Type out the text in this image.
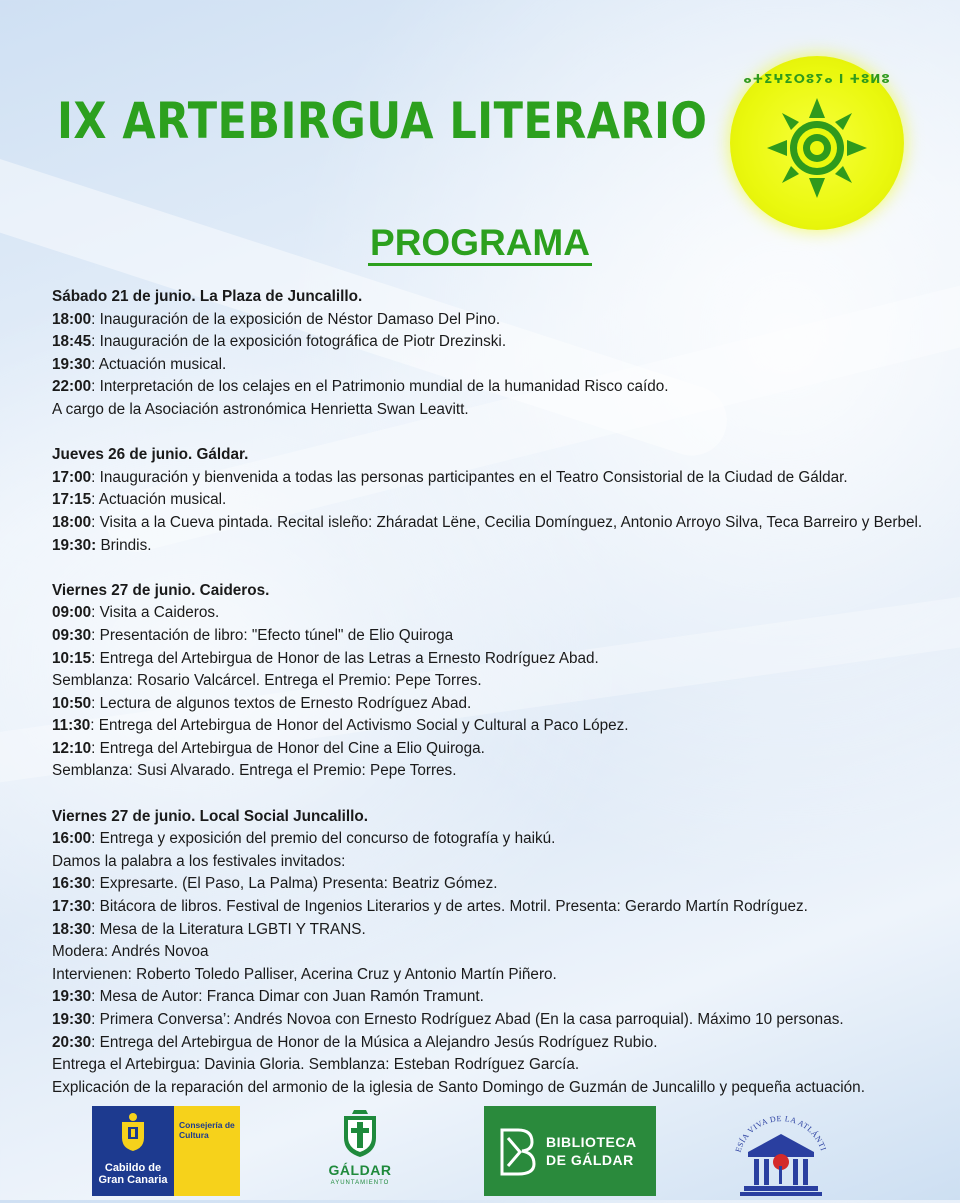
IX ARTEBIRGUA LITERARIO
ⴰⵜⵉⵖⵉⵔⵓⵢⴰ ⵏ ⵜⵓⵍⵓ
PROGRAMA
Sábado 21 de junio. La Plaza de Juncalillo.
18:00: Inauguración de la exposición de Néstor Damaso Del Pino.
18:45: Inauguración de la exposición fotográfica de Piotr Drezinski.
19:30: Actuación musical.
22:00: Interpretación de los celajes en el Patrimonio mundial de la humanidad Risco caído.
A cargo de la Asociación astronómica Henrietta Swan Leavitt.
Jueves 26 de junio. Gáldar.
17:00: Inauguración y bienvenida a todas las personas participantes en el Teatro Consistorial de la Ciudad de Gáldar.
17:15: Actuación musical.
18:00: Visita a la Cueva pintada. Recital isleño: Zháradat Lëne, Cecilia Domínguez, Antonio Arroyo Silva, Teca Barreiro y Berbel.
19:30: Brindis.
Viernes 27 de junio. Caideros.
09:00: Visita a Caideros.
09:30: Presentación de libro: "Efecto túnel" de Elio Quiroga
10:15: Entrega del Artebirgua de Honor de las Letras a Ernesto Rodríguez Abad.
Semblanza: Rosario Valcárcel. Entrega el Premio: Pepe Torres.
10:50: Lectura de algunos textos de Ernesto Rodríguez Abad.
11:30: Entrega del Artebirgua de Honor del Activismo Social y Cultural a Paco López.
12:10: Entrega del Artebirgua de Honor del Cine a Elio Quiroga.
Semblanza: Susi Alvarado. Entrega el Premio: Pepe Torres.
Viernes 27 de junio. Local Social Juncalillo.
16:00: Entrega y exposición del premio del concurso de fotografía y haikú.
Damos la palabra a los festivales invitados:
16:30: Expresarte. (El Paso, La Palma) Presenta: Beatriz Gómez.
17:30: Bitácora de libros. Festival de Ingenios Literarios y de artes. Motril. Presenta: Gerardo Martín Rodríguez.
18:30: Mesa de la Literatura LGBTI Y TRANS.
Modera: Andrés Novoa
Intervienen: Roberto Toledo Palliser, Acerina Cruz y Antonio Martín Piñero.
19:30: Mesa de Autor: Franca Dimar con Juan Ramón Tramunt.
19:30: Primera Conversa’: Andrés Novoa con Ernesto Rodríguez Abad (En la casa parroquial). Máximo 10 personas.
20:30: Entrega del Artebirgua de Honor de la Música a Alejandro Jesús Rodríguez Rubio.
Entrega el Artebirgua: Davinia Gloria. Semblanza: Esteban Rodríguez García.
Explicación de la reparación del armonio de la iglesia de Santo Domingo de Guzmán de Juncalillo y pequeña actuación.
Cabildo de Gran Canaria
Consejería de Cultura
GÁLDAR
AYUNTAMIENTO
BIBLIOTECA
DE GÁLDAR
ESÍA VIVA DE LA ATLÁNTI
